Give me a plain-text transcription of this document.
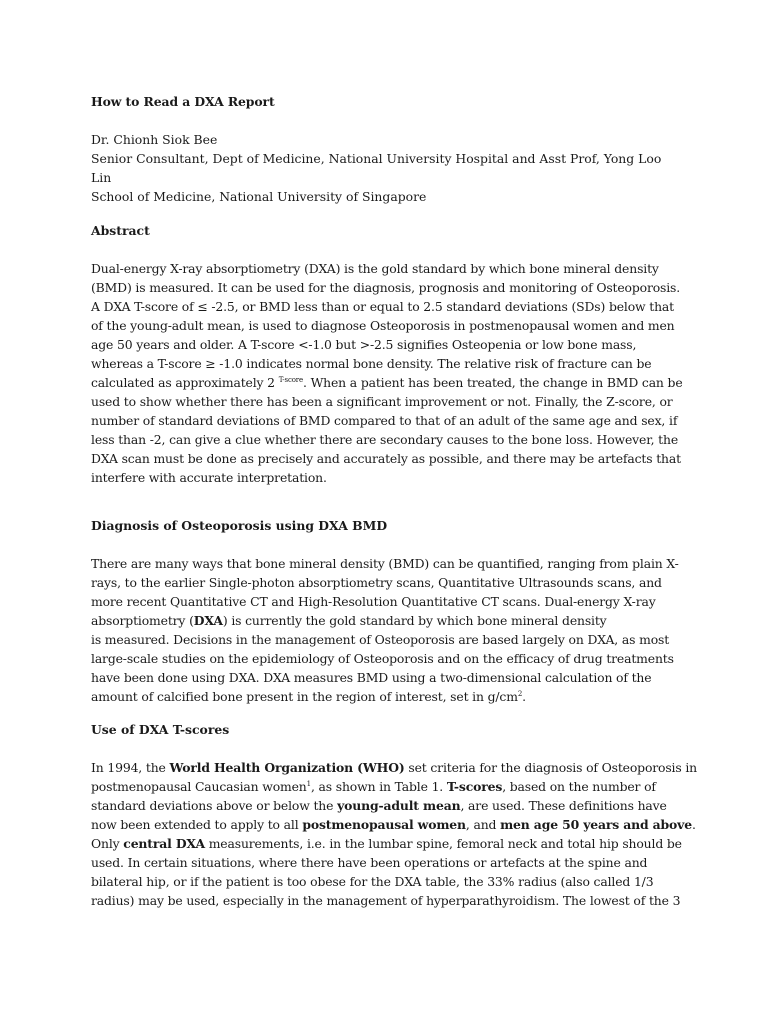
How to Read a DXA Report

Dr. Chionh Siok Bee

Senior Consultant, Dept of Medicine, National University Hospital and Asst Prof, Yong Loo Lin

School of Medicine, National University of Singapore

Abstract
Dual-energy X-ray absorptiometry (DXA) is the gold standard by which bone mineral density
(BMD) is measured. It can be used for the diagnosis, prognosis and monitoring of Osteoporosis.
A DXA T-score of ≤ -2.5, or BMD less than or equal to 2.5 standard deviations (SDs) below that
of the young-adult mean, is used to diagnose Osteoporosis in postmenopausal women and men
age 50 years and older. A T-score <-1.0 but >-2.5 signifies Osteopenia or low bone mass,
whereas a T-score ≥ -1.0 indicates normal bone density. The relative risk of fracture can be
calculated as approximately 2 $^{T-score}$. When a patient has been treated, the change in BMD can be
used to show whether there has been a significant improvement or not. Finally, the Z-score, or
number of standard deviations of BMD compared to that of an adult of the same age and sex, if
less than -2, can give a clue whether there are secondary causes to the bone loss. However, the
DXA scan must be done as precisely and accurately as possible, and there may be artefacts that
interfere with accurate interpretation.
Diagnosis of Osteoporosis using DXA BMD
There are many ways that bone mineral density (BMD) can be quantified, ranging from plain X-
rays, to the earlier Single-photon absorptiometry scans, Quantitative Ultrasounds scans, and
more recent Quantitative CT and High-Resolution Quantitative CT scans. Dual-energy X-ray
absorptiometry (DXA) is currently the gold standard by which bone mineral density
is measured. Decisions in the management of Osteoporosis are based largely on DXA, as most
large-scale studies on the epidemiology of Osteoporosis and on the efficacy of drug treatments
have been done using DXA. DXA measures BMD using a two-dimensional calculation of the
amount of calcified bone present in the region of interest, set in $g/cm^2$.
Use of DXA T-scores
In 1994, the World Health Organization (WHO) set criteria for the diagnosis of Osteoporosis in
postmenopausal Caucasian women$^1$, as shown in Table 1. T-scores, based on the number of
standard deviations above or below the young-adult mean, are used. These definitions have
now been extended to apply to all postmenopausal women, and men age 50 years and above.
Only central DXA measurements, i.e. in the lumbar spine, femoral neck and total hip should be
used. In certain situations, where there have been operations or artefacts at the spine and
bilateral hip, or if the patient is too obese for the DXA table, the 33% radius (also called 1/3
radius) may be used, especially in the management of hyperparathyroidism. The lowest of the 3
